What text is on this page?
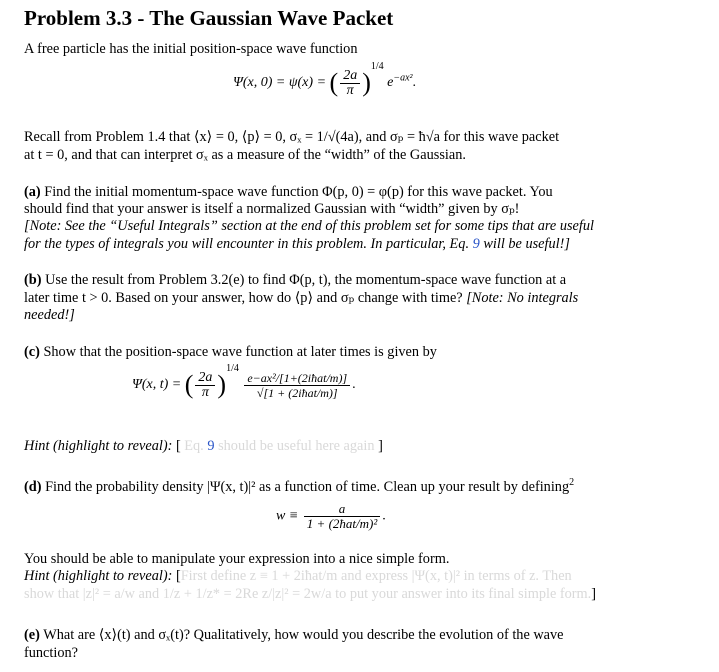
Problem 3.3 - The Gaussian Wave Packet
A free particle has the initial position-space wave function
Ψ(x, 0) = ψ(x) = ( $\frac{2a}{\pi} )^{1/4}$ $e^{-ax^2}$.
Recall from Problem 1.4 that ⟨x⟩ = 0, ⟨p⟩ = 0, σₓ = 1/√(4a), and σₚ = ħ√a for this wave packet
at t = 0, and that can interpret σₓ as a measure of the “width” of the Gaussian.
(a) Find the initial momentum-space wave function Φ(p, 0) = φ(p) for this wave packet. You
should find that your answer is itself a normalized Gaussian with “width” given by σₚ!
[Note: See the “Useful Integrals” section at the end of this problem set for some tips that are useful
for the types of integrals you will encounter in this problem. In particular, Eq. 9 will be useful!]
(b) Use the result from Problem 3.2(e) to find Φ(p, t), the momentum-space wave function at a
later time t > 0. Based on your answer, how do ⟨p⟩ and σₚ change with time? [Note: No integrals
needed!]
(c) Show that the position-space wave function at later times is given by
Ψ(x, t) = ( $\frac{2a}{\pi} )^{1/4}$
$\frac{\text{e−ax²/[1+(2iħat/m)]}}{\text{√[1 + (2iħat/m)]}}$ .
Hint (highlight to reveal): [ Eq. 9 should be useful here again ]
(d) Find the probability density |Ψ(x, t)|² as a function of time. Clean up your result by defining$^2$
$w \equiv \frac{a}{\text{1 + (2ħat/m)²}}$ .
You should be able to manipulate your expression into a nice simple form.
Hint (highlight to reveal): [First define z ≡ 1 + 2iħat/m and express |Ψ(x, t)|² in terms of z. Then
show that |z|² = a/w and 1/z + 1/z* = 2Re z/|z|² = 2w/a to put your answer into its final simple form.]
(e) What are ⟨x⟩(t) and σₓ(t)? Qualitatively, how would you describe the evolution of the wave
function?
